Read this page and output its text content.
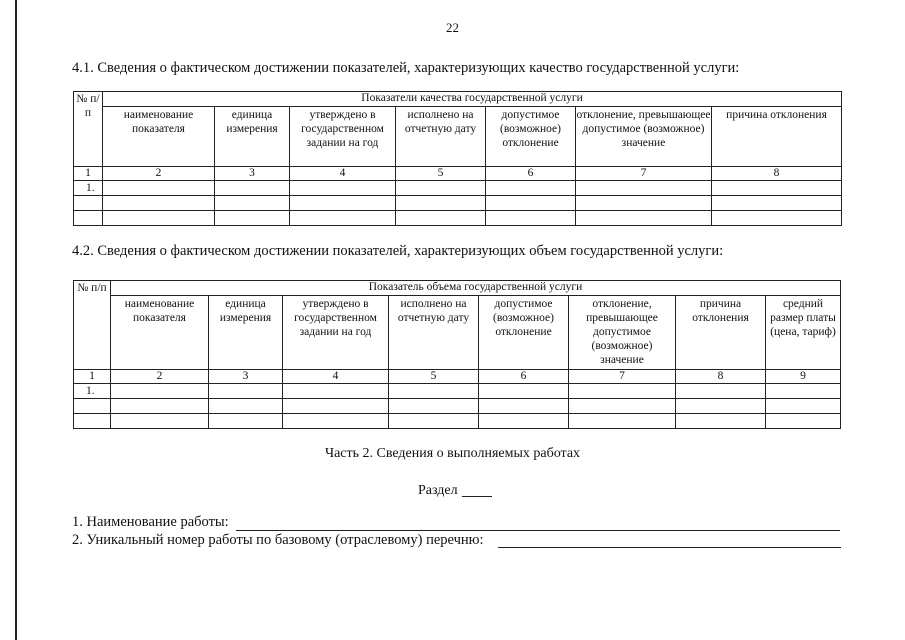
22
4.1. Сведения о фактическом достижении показателей, характеризующих качество государственной услуги:
№ п/п	Показатели качества государственной услуги						
	наименование показателя	единица измерения	утверждено в государственном задании на год	исполнено на отчетную дату	допустимое (возможное) отклонение	отклонение, превышающее допустимое (возможное) значение	причина отклонения
1	2	3	4	5	6	7	8
1.							

4.2. Сведения о фактическом достижении показателей, характеризующих объем государственной услуги:
№ п/п	Показатель объема государственной услуги							
	наименование показателя	единица измерения	утверждено в государственном задании на год	исполнено на отчетную дату	допустимое (возможное) отклонение	отклонение, превышающее допустимое (возможное) значение	причина отклонения	средний размер платы (цена, тариф)
1	2	3	4	5	6	7	8	9
1.								

Часть 2. Сведения о выполняемых работах
Раздел
1. Наименование работы:
2. Уникальный номер работы по базовому (отраслевому) перечню:
